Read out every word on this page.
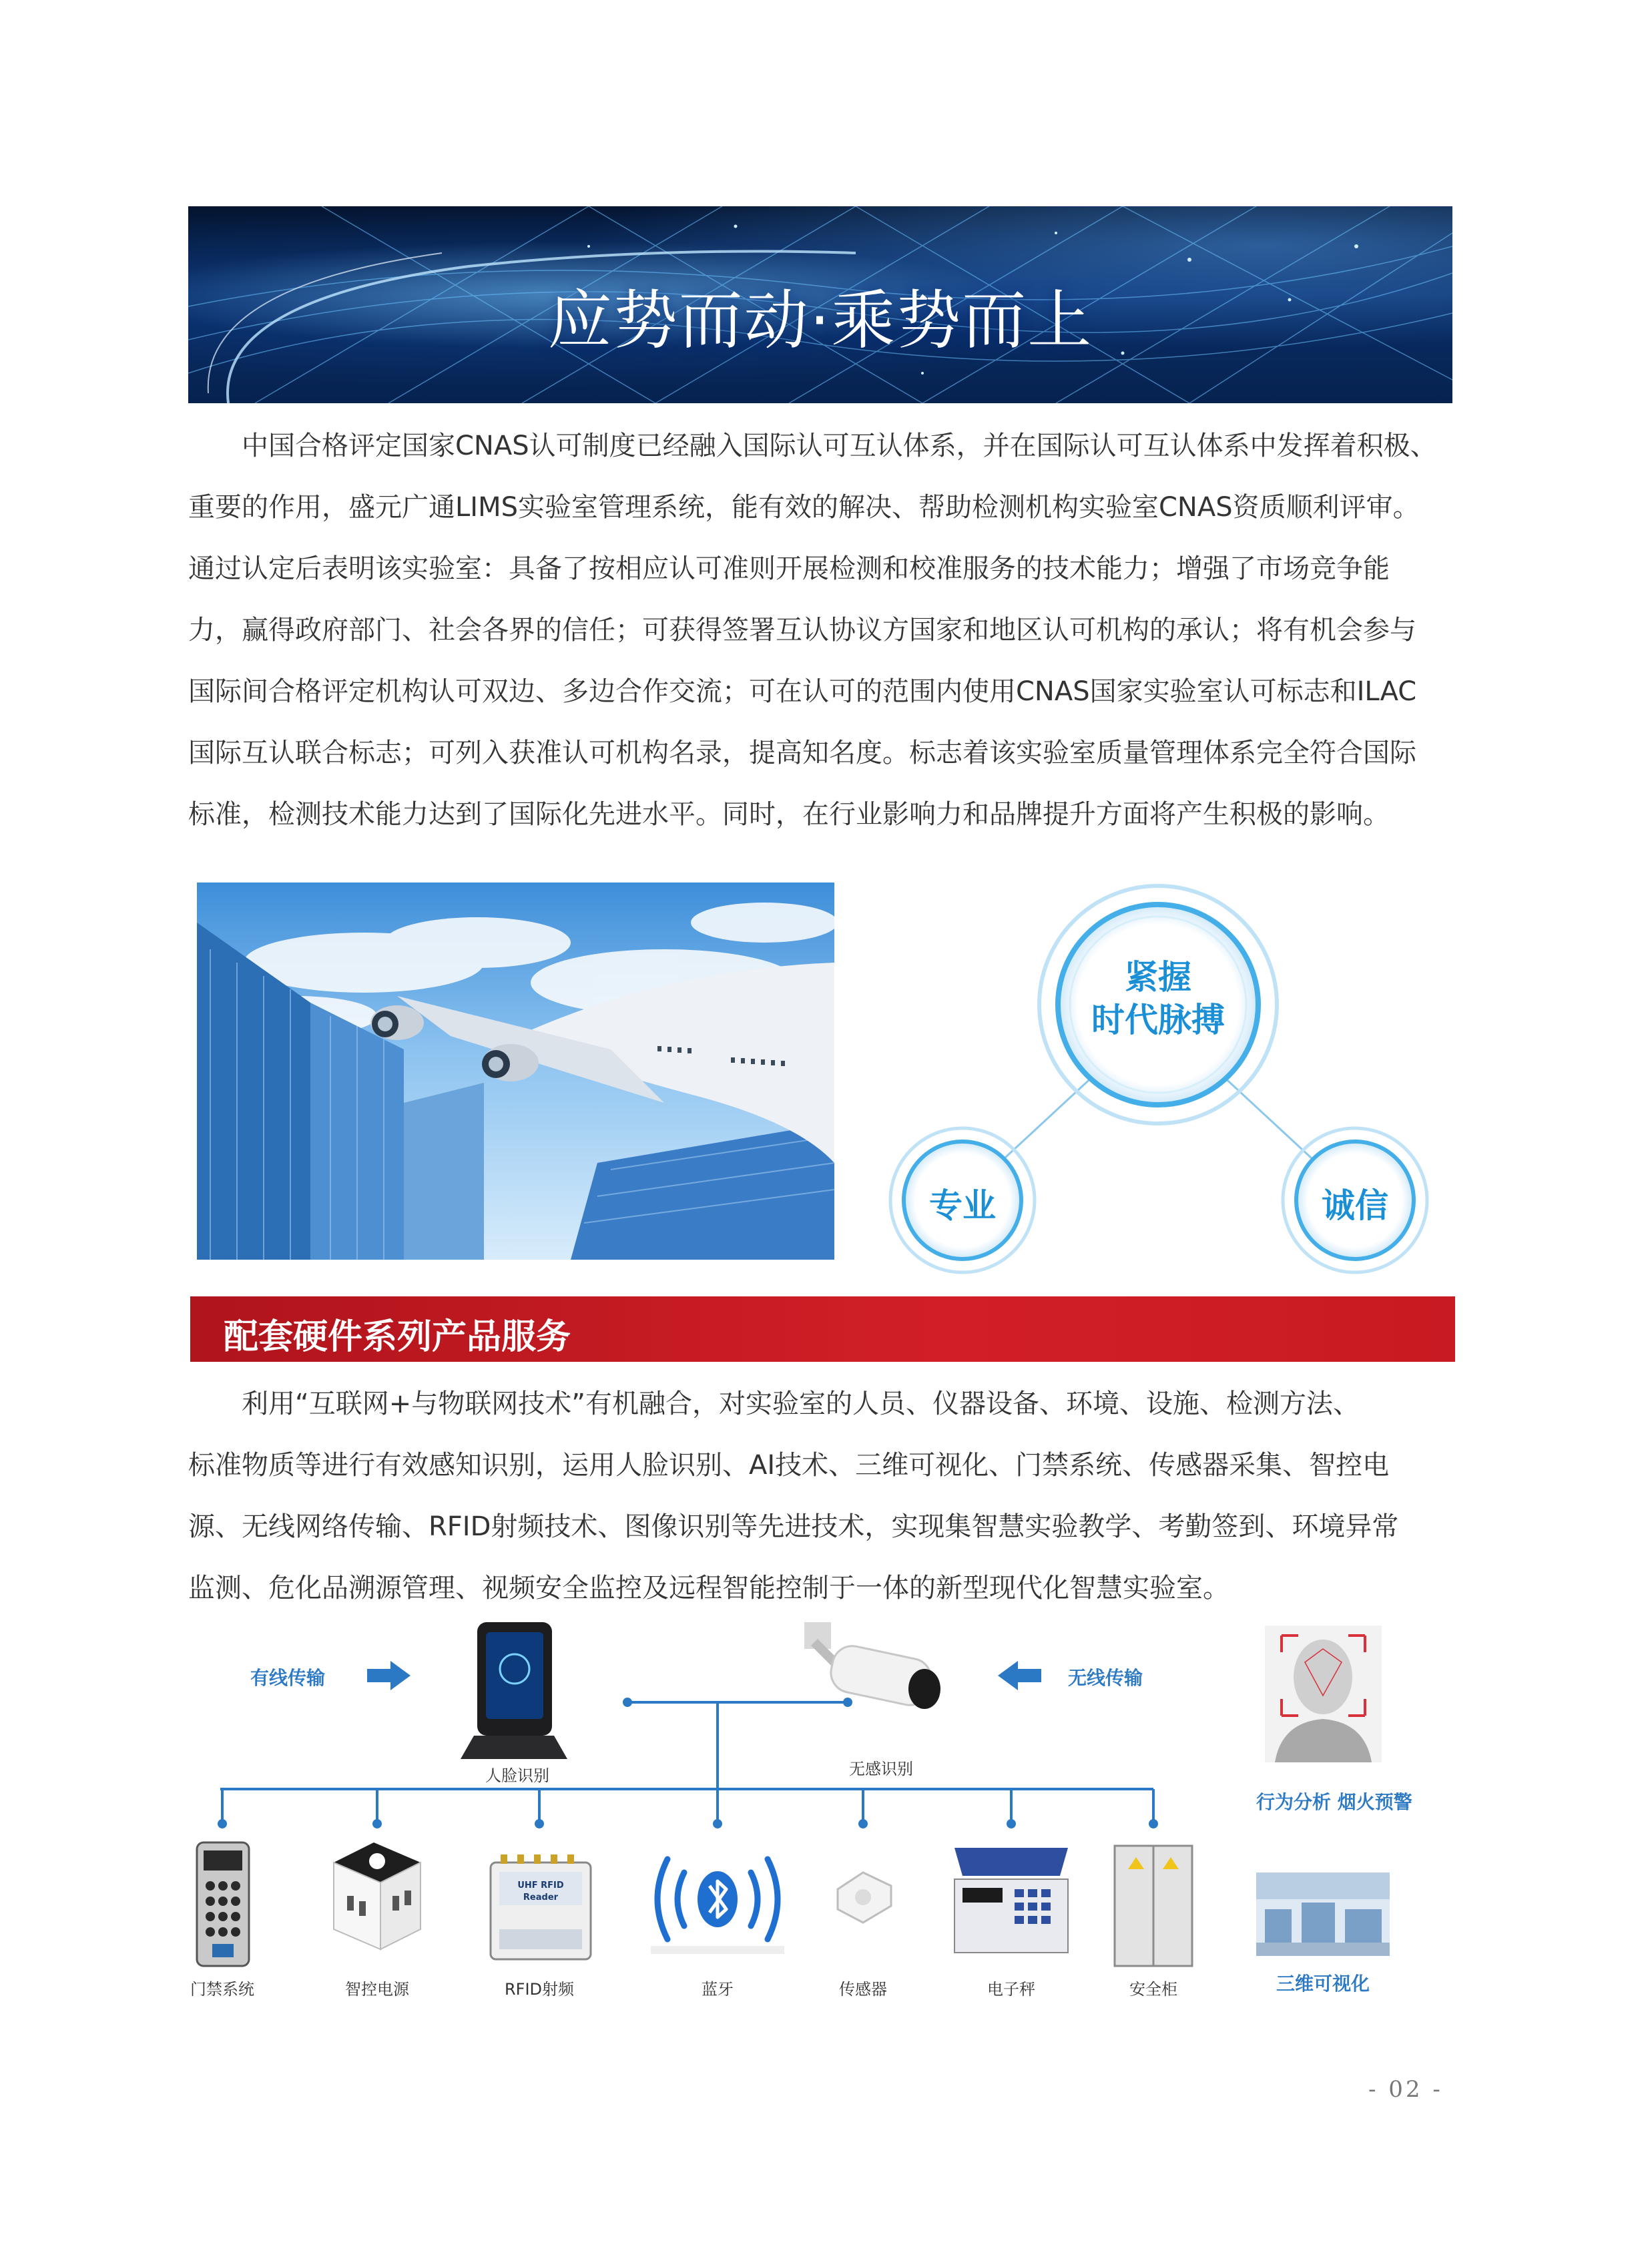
应势而动·乘势而上
中国合格评定国家CNAS认可制度已经融入国际认可互认体系，并在国际认可互认体系中发挥着积极、
重要的作用，盛元广通LIMS实验室管理系统，能有效的解决、帮助检测机构实验室CNAS资质顺利评审。
通过认定后表明该实验室：具备了按相应认可准则开展检测和校准服务的技术能力；增强了市场竞争能
力，赢得政府部门、社会各界的信任；可获得签署互认协议方国家和地区认可机构的承认；将有机会参与
国际间合格评定机构认可双边、多边合作交流；可在认可的范围内使用CNAS国家实验室认可标志和ILAC
国际互认联合标志；可列入获准认可机构名录，提高知名度。标志着该实验室质量管理体系完全符合国际
标准，检测技术能力达到了国际化先进水平。同时，在行业影响力和品牌提升方面将产生积极的影响。
紧握
时代脉搏
专业	诚信
配套硬件系列产品服务
利用“互联网+与物联网技术”有机融合，对实验室的人员、仪器设备、环境、设施、检测方法、
标准物质等进行有效感知识别，运用人脸识别、AI技术、三维可视化、门禁系统、传感器采集、智控电
源、无线网络传输、RFID射频技术、图像识别等先进技术，实现集智慧实验教学、考勤签到、环境异常
监测、危化品溯源管理、视频安全监控及远程智能控制于一体的新型现代化智慧实验室。
UHF RFID
Reader
有线传输	无线传输
人脸识别	无感识别
门禁系统	智控电源	RFID射频	蓝牙	传感器	电子秤	安全柜
行为分析 烟火预警
三维可视化
- 02 -
